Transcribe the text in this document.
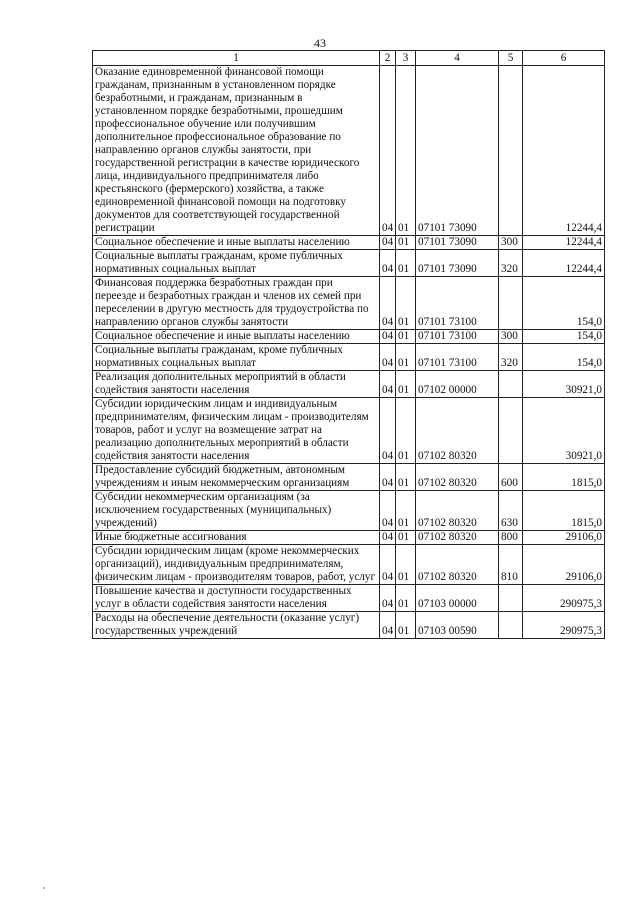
43
1	2	3	4	5	6
Оказание единовременной финансовой помощи гражданам, признанным в установленном порядке безработными, и гражданам, признанным в установленном порядке безработными, прошедшим профессиональное обучение или получившим дополнительное профессиональное образование по направлению органов службы занятости, при государственной регистрации в качестве юридического лица, индивидуального предпринимателя либо крестьянского (фермерского) хозяйства, а также единовременной финансовой помощи на подготовку документов для соответствующей государственной регистрации	04	01	07101 73090		12244,4
Социальное обеспечение и иные выплаты населению	04	01	07101 73090	300	12244,4
Социальные выплаты гражданам, кроме публичных нормативных социальных выплат	04	01	07101 73090	320	12244,4
Финансовая поддержка безработных граждан при переезде и безработных граждан и членов их семей при переселении в другую местность для трудоустройства по направлению органов службы занятости	04	01	07101 73100		154,0
Социальное обеспечение и иные выплаты населению	04	01	07101 73100	300	154,0
Социальные выплаты гражданам, кроме публичных нормативных социальных выплат	04	01	07101 73100	320	154,0
Реализация дополнительных мероприятий в области содействия занятости населения	04	01	07102 00000		30921,0
Субсидии юридическим лицам и индивидуальным предпринимателям, физическим лицам - производителям товаров, работ и услуг на возмещение затрат на реализацию дополнительных мероприятий в области содействия занятости населения	04	01	07102 80320		30921,0
Предоставление субсидий бюджетным, автономным учреждениям и иным некоммерческим организациям	04	01	07102 80320	600	1815,0
Субсидии некоммерческим организациям (за исключением государственных (муниципальных) учреждений)	04	01	07102 80320	630	1815,0
Иные бюджетные ассигнования	04	01	07102 80320	800	29106,0
Субсидии юридическим лицам (кроме некоммерческих организаций), индивидуальным предпринимателям, физическим лицам - производителям товаров, работ, услуг	04	01	07102 80320	810	29106,0
Повышение качества и доступности государственных услуг в области содействия занятости населения	04	01	07103 00000		290975,3
Расходы на обеспечение деятельности (оказание услуг) государственных учреждений	04	01	07103 00590		290975,3
